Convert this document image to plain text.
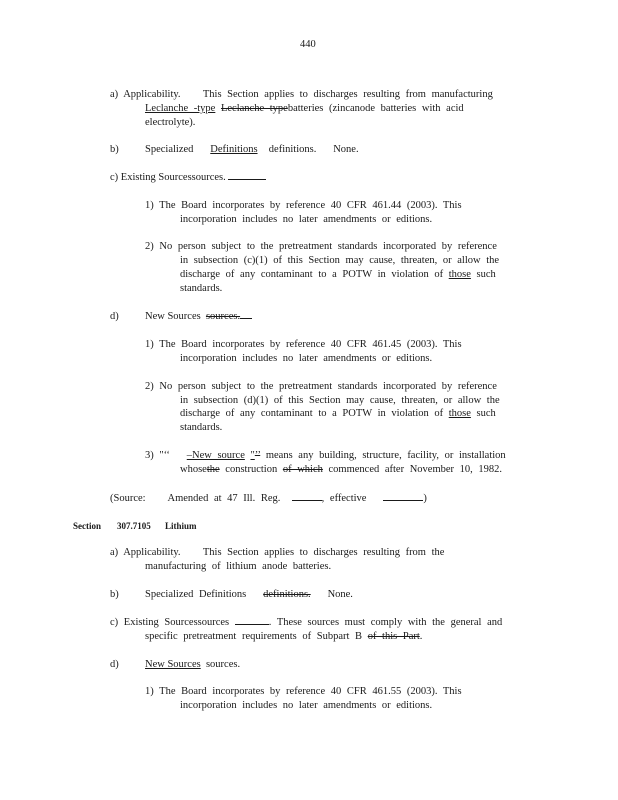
440
a) Applicability. This Section applies to discharges resulting from manufacturing
Leclanche -type Leclanche typebatteries (zincanode batteries with acid
electrolyte).
b)	Specialized Definitions definitions. None.
c) Existing Sourcessources.
1) The Board incorporates by reference 40 CFR 461.44 (2003). This
incorporation includes no later amendments or editions.
2) No person subject to the pretreatment standards incorporated by reference
in subsection (c)(1) of this Section may cause, threaten, or allow the
discharge of any contaminant to a POTW in violation of those such
standards.
d)	New Sources sources.
1) The Board incorporates by reference 40 CFR 461.45 (2003). This
incorporation includes no later amendments or editions.
2) No person subject to the pretreatment standards incorporated by reference
in subsection (d)(1) of this Section may cause, threaten, or allow the
discharge of any contaminant to a POTW in violation of those such
standards.
3) "‘‘ –New source "’’ means any building, structure, facility, or installation
whosethe construction of which commenced after November 10, 1982.
(Source: Amended at 47 Ill. Reg.	, effective	)
Section 307.7105 Lithium
a) Applicability. This Section applies to discharges resulting from the
manufacturing of lithium anode batteries.
b)	Specialized Definitions definitions. None.
c) Existing Sourcessources	. These sources must comply with the general and
specific pretreatment requirements of Subpart B of this Part.
d)	New Sources sources.
1) The Board incorporates by reference 40 CFR 461.55 (2003). This
incorporation includes no later amendments or editions.
